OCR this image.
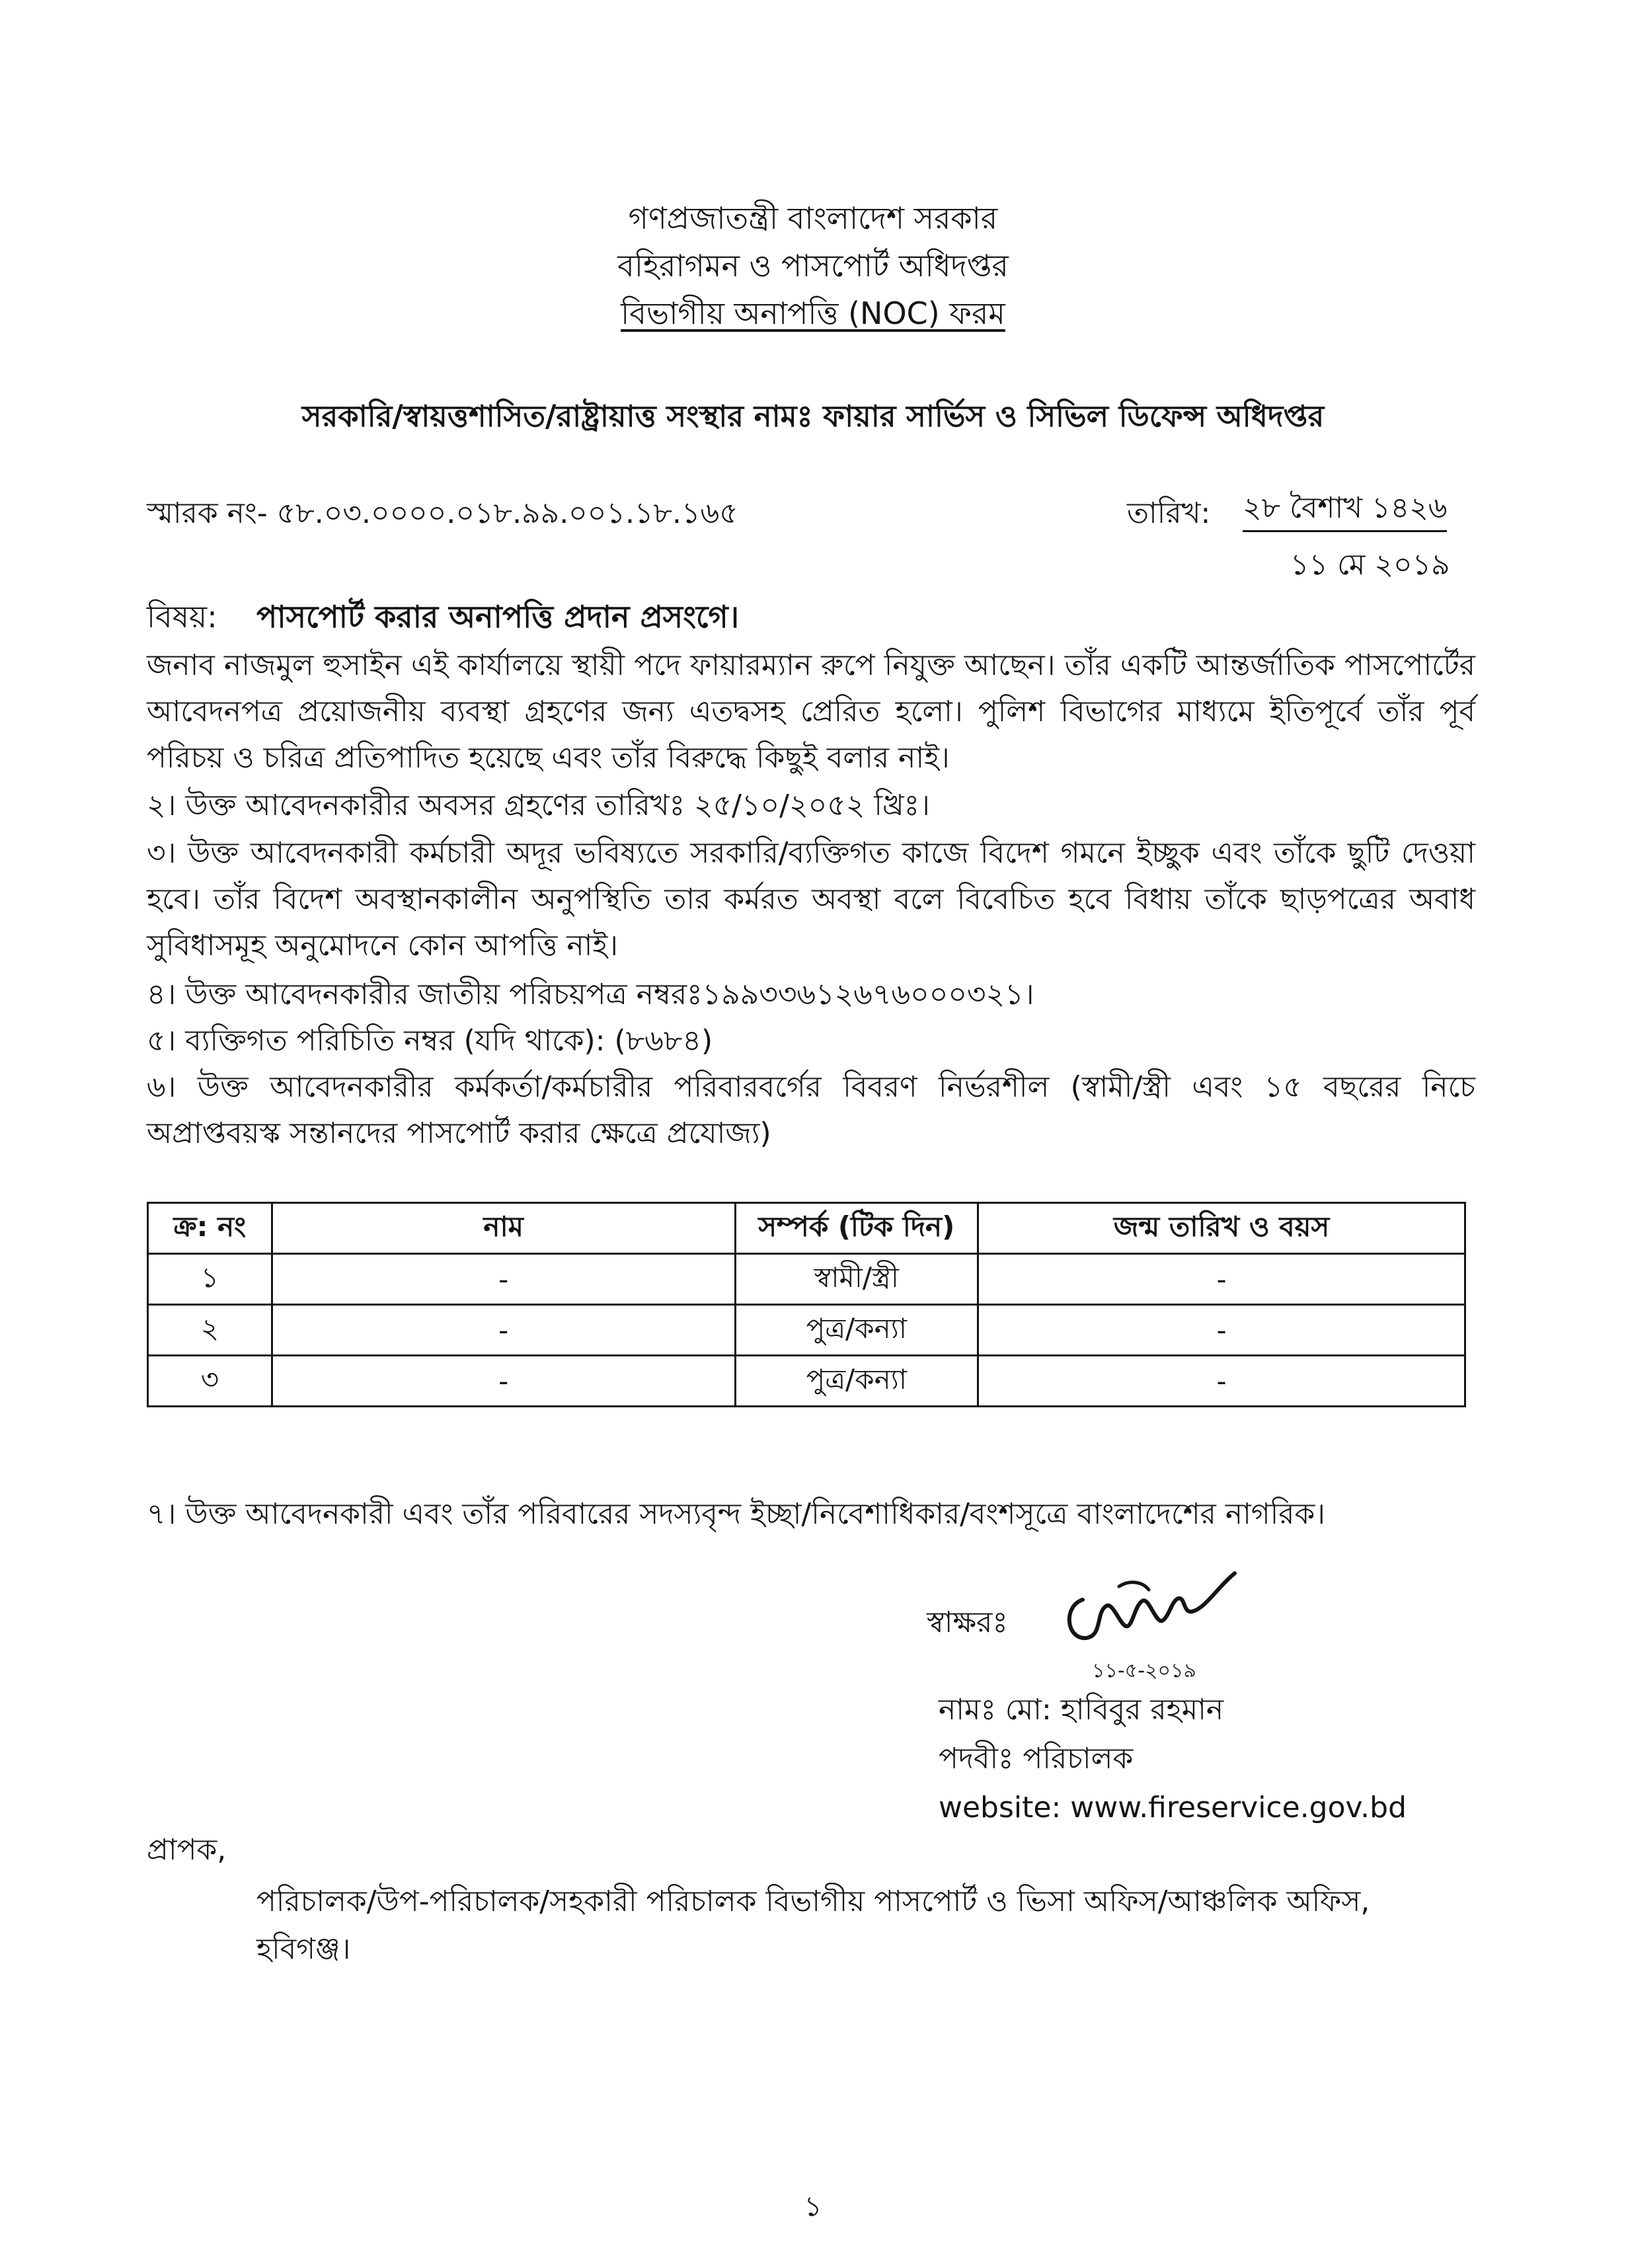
গণপ্রজাতন্ত্রী বাংলাদেশ সরকার
বহিরাগমন ও পাসপোর্ট অধিদপ্তর
বিভাগীয় অনাপত্তি (NOC) ফরম
সরকারি/স্বায়ত্তশাসিত/রাষ্ট্রায়াত্ত সংস্থার নামঃ ফায়ার সার্ভিস ও সিভিল ডিফেন্স অধিদপ্তর
স্মারক নং- ৫৮.০৩.০০০০.০১৮.৯৯.০০১.১৮.১৬৫	তারিখ: ২৮ বৈশাখ ১৪২৬
১১ মে ২০১৯
বিষয়: পাসপোর্ট করার অনাপত্তি প্রদান প্রসংগে।
জনাব নাজমুল হুসাইন এই কার্যালয়ে স্থায়ী পদে ফায়ারম্যান রুপে নিযুক্ত আছেন। তাঁর একটি আন্তর্জাতিক পাসপোর্টের আবেদনপত্র প্রয়োজনীয় ব্যবস্থা গ্রহণের জন্য এতদ্বসহ প্রেরিত হলো। পুলিশ বিভাগের মাধ্যমে ইতিপূর্বে তাঁর পূর্ব পরিচয় ও চরিত্র প্রতিপাদিত হয়েছে এবং তাঁর বিরুদ্ধে কিছুই বলার নাই।
২। উক্ত আবেদনকারীর অবসর গ্রহণের তারিখঃ ২৫/১০/২০৫২ খ্রিঃ।
৩। উক্ত আবেদনকারী কর্মচারী অদূর ভবিষ্যতে সরকারি/ব্যক্তিগত কাজে বিদেশ গমনে ইচ্ছুক এবং তাঁকে ছুটি দেওয়া হবে। তাঁর বিদেশ অবস্থানকালীন অনুপস্থিতি তার কর্মরত অবস্থা বলে বিবেচিত হবে বিধায় তাঁকে ছাড়পত্রের অবাধ সুবিধাসমূহ অনুমোদনে কোন আপত্তি নাই।
৪। উক্ত আবেদনকারীর জাতীয় পরিচয়পত্র নম্বরঃ১৯৯৩৩৬১২৬৭৬০০০৩২১।
৫। ব্যক্তিগত পরিচিতি নম্বর (যদি থাকে): (৮৬৮৪)
৬। উক্ত আবেদনকারীর কর্মকর্তা/কর্মচারীর পরিবারবর্গের বিবরণ নির্ভরশীল (স্বামী/স্ত্রী এবং ১৫ বছরের নিচে অপ্রাপ্তবয়স্ক সন্তানদের পাসপোর্ট করার ক্ষেত্রে প্রযোজ্য)
ক্র: নং	নাম	সম্পর্ক (টিক দিন)	জন্ম তারিখ ও বয়স
১	-	স্বামী/স্ত্রী	-
২	-	পুত্র/কন্যা	-
৩	-	পুত্র/কন্যা	-
৭। উক্ত আবেদনকারী এবং তাঁর পরিবারের সদস্যবৃন্দ ইচ্ছা/নিবেশাধিকার/বংশসূত্রে বাংলাদেশের নাগরিক।
স্বাক্ষরঃ
১১-৫-২০১৯
নামঃ মো: হাবিবুর রহমান
পদবীঃ পরিচালক
website: www.fireservice.gov.bd
প্রাপক,
পরিচালক/উপ-পরিচালক/সহকারী পরিচালক বিভাগীয় পাসপোর্ট ও ভিসা অফিস/আঞ্চলিক অফিস,
হবিগঞ্জ।
১
